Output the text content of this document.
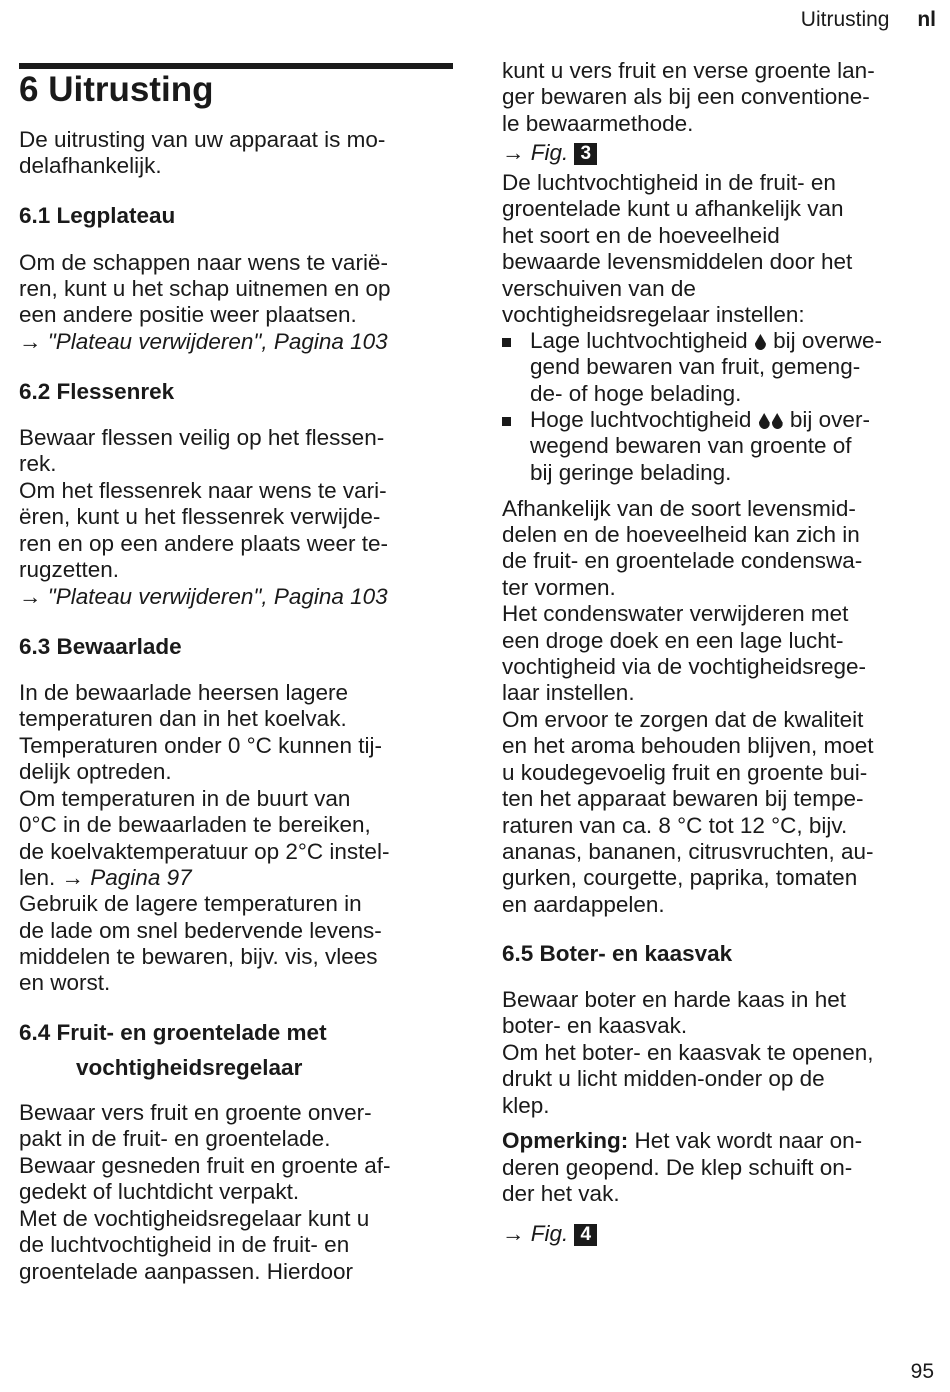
Uitrusting nl
6 Uitrusting

De uitrusting van uw apparaat is mo-

delafhankelijk.

6.1 Legplateau

Om de schappen naar wens te varië-

ren, kunt u het schap uitnemen en op

een andere positie weer plaatsen.

→ "Plateau verwijderen", Pagina 103

6.2 Flessenrek

Bewaar flessen veilig op het flessen-

rek.

Om het flessenrek naar wens te vari-

ëren, kunt u het flessenrek verwijde-

ren en op een andere plaats weer te-

rugzetten.

→ "Plateau verwijderen", Pagina 103

6.3 Bewaarlade

In de bewaarlade heersen lagere

temperaturen dan in het koelvak.

Temperaturen onder 0 °C kunnen tij-

delijk optreden.

Om temperaturen in de buurt van

0°C in de bewaarladen te bereiken,

de koelvaktemperatuur op 2°C instel-

len. → Pagina 97

Gebruik de lagere temperaturen in

de lade om snel bedervende levens-

middelen te bewaren, bijv. vis, vlees

en worst.

6.4 Fruit- en groentelade met
vochtigheidsregelaar

Bewaar vers fruit en groente onver-

pakt in de fruit- en groentelade.

Bewaar gesneden fruit en groente af-

gedekt of luchtdicht verpakt.

Met de vochtigheidsregelaar kunt u

de luchtvochtigheid in de fruit- en

groentelade aanpassen. Hierdoor

kunt u vers fruit en verse groente lan-

ger bewaren als bij een conventione-

le bewaarmethode.

→ Fig. 3

De luchtvochtigheid in de fruit- en

groentelade kunt u afhankelijk van

het soort en de hoeveelheid

bewaarde levensmiddelen door het

verschuiven van de

vochtigheidsregelaar instellen:

Lage luchtvochtigheid  bij overwe-
gend bewaren van fruit, gemeng-
de- of hoge belading.
Hoge luchtvochtigheid  bij over-
wegend bewaren van groente of
bij geringe belading.

Afhankelijk van de soort levensmid-

delen en de hoeveelheid kan zich in

de fruit- en groentelade condenswa-

ter vormen.

Het condenswater verwijderen met

een droge doek en een lage lucht-

vochtigheid via de vochtigheidsrege-

laar instellen.

Om ervoor te zorgen dat de kwaliteit

en het aroma behouden blijven, moet

u koudegevoelig fruit en groente bui-

ten het apparaat bewaren bij tempe-

raturen van ca. 8 °C tot 12 °C, bijv.

ananas, bananen, citrusvruchten, au-

gurken, courgette, paprika, tomaten

en aardappelen.

6.5 Boter- en kaasvak

Bewaar boter en harde kaas in het

boter- en kaasvak.

Om het boter- en kaasvak te openen,

drukt u licht midden-onder op de

klep.

Opmerking: Het vak wordt naar on-

deren geopend. De klep schuift on-

der het vak.

→ Fig. 4

95
